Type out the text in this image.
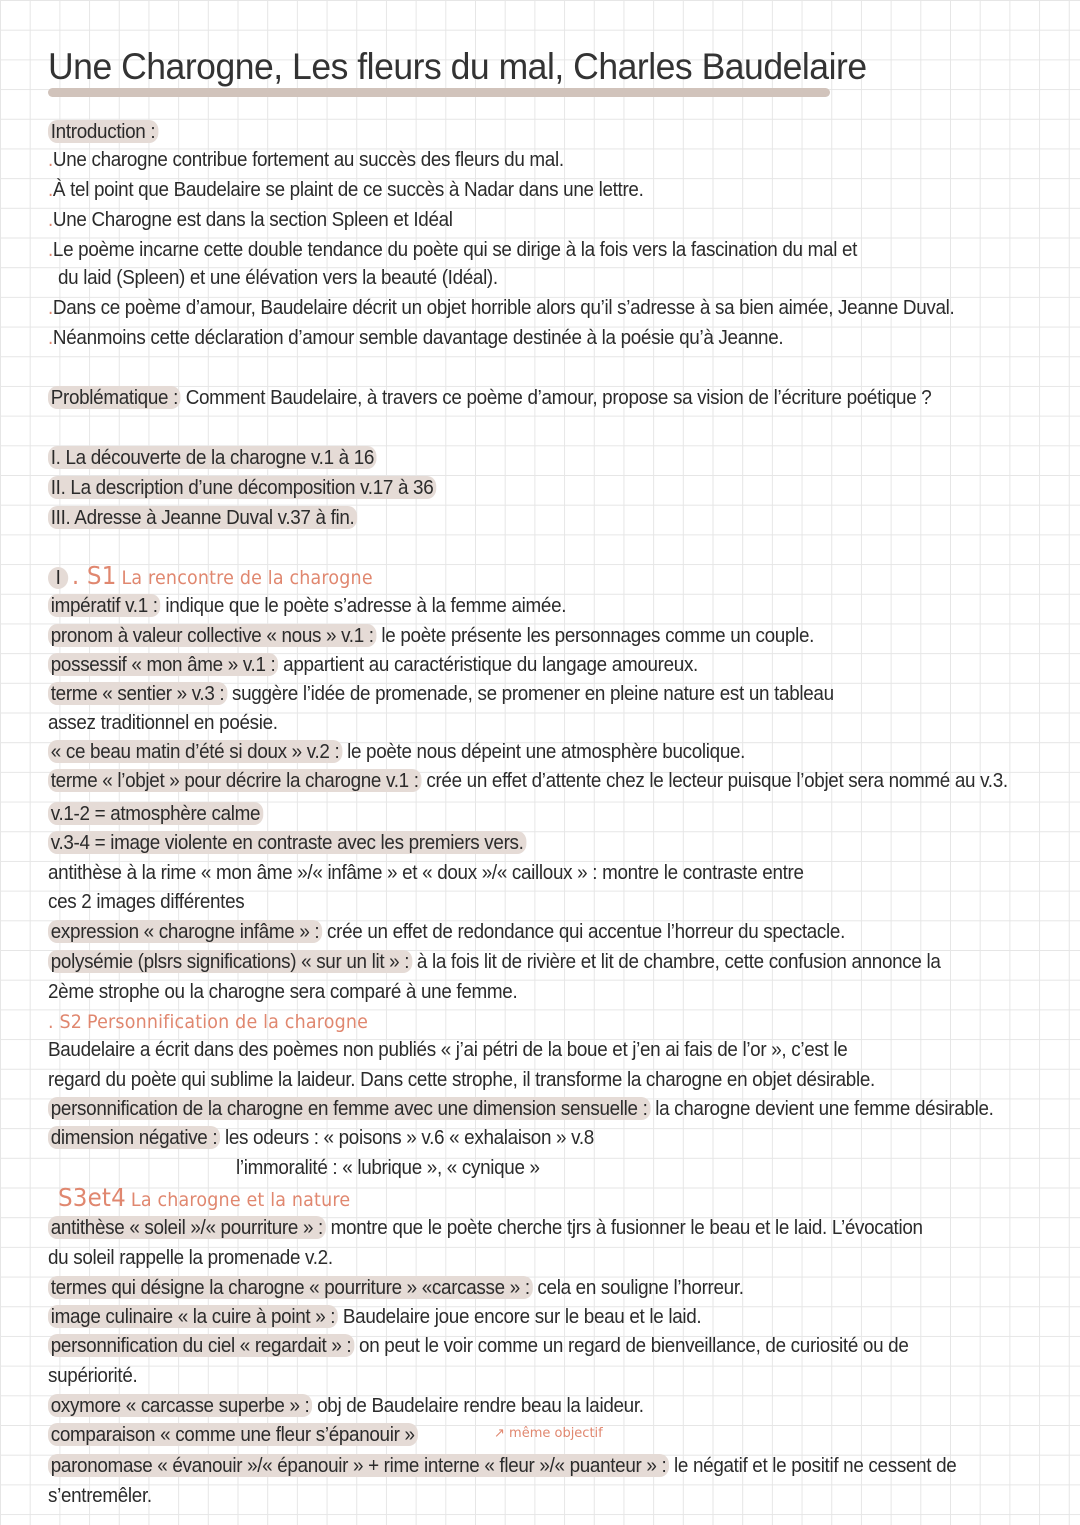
Une Charogne, Les fleurs du mal, Charles Baudelaire
Introduction :
.Une charogne contribue fortement au succès des fleurs du mal.
.À tel point que Baudelaire se plaint de ce succès à Nadar dans une lettre.
.Une Charogne est dans la section Spleen et Idéal
.Le poème incarne cette double tendance du poète qui se dirige à la fois vers la fascination du mal et
du laid (Spleen) et une élévation vers la beauté (Idéal).
.Dans ce poème d’amour, Baudelaire décrit un objet horrible alors qu’il s’adresse à sa bien aimée, Jeanne Duval.
.Néanmoins cette déclaration d’amour semble davantage destinée à la poésie qu’à Jeanne.
Problématique : Comment Baudelaire, à travers ce poème d’amour, propose sa vision de l’écriture poétique ?
I. La découverte de la charogne v.1 à 16
II. La description d’une décomposition v.17 à 36
III. Adresse à Jeanne Duval v.37 à fin.
I . S1 La rencontre de la charogne
impératif v.1 : indique que le poète s’adresse à la femme aimée.
pronom à valeur collective « nous » v.1 : le poète présente les personnages comme un couple.
possessif « mon âme » v.1 : appartient au caractéristique du langage amoureux.
terme « sentier » v.3 : suggère l’idée de promenade, se promener en pleine nature est un tableau
assez traditionnel en poésie.
« ce beau matin d’été si doux » v.2 : le poète nous dépeint une atmosphère bucolique.
terme « l’objet » pour décrire la charogne v.1 : crée un effet d’attente chez le lecteur puisque l’objet sera nommé au v.3.
v.1-2 = atmosphère calme
v.3-4 = image violente en contraste avec les premiers vers.
antithèse à la rime « mon âme »/« infâme » et « doux »/« cailloux » : montre le contraste entre
ces 2 images différentes
expression « charogne infâme » : crée un effet de redondance qui accentue l’horreur du spectacle.
polysémie (plsrs significations) « sur un lit » : à la fois lit de rivière et lit de chambre, cette confusion annonce la
2ème strophe ou la charogne sera comparé à une femme.
. S2 Personnification de la charogne
Baudelaire a écrit dans des poèmes non publiés « j’ai pétri de la boue et j’en ai fais de l’or », c’est le
regard du poète qui sublime la laideur. Dans cette strophe, il transforme la charogne en objet désirable.
personnification de la charogne en femme avec une dimension sensuelle : la charogne devient une femme désirable.
dimension négative : les odeurs : « poisons » v.6 « exhalaison » v.8
l’immoralité : « lubrique », « cynique »
S3et4 La charogne et la nature
antithèse « soleil »/« pourriture » : montre que le poète cherche tjrs à fusionner le beau et le laid. L’évocation
du soleil rappelle la promenade v.2.
termes qui désigne la charogne « pourriture » «carcasse » : cela en souligne l’horreur.
image culinaire « la cuire à point » : Baudelaire joue encore sur le beau et le laid.
personnification du ciel « regardait » : on peut le voir comme un regard de bienveillance, de curiosité ou de
supériorité.
oxymore « carcasse superbe » : obj de Baudelaire rendre beau la laideur.
comparaison « comme une fleur s’épanouir »	↗ même objectif
paronomase « évanouir »/« épanouir » + rime interne « fleur »/« puanteur » : le négatif et le positif ne cessent de
s’entremêler.
